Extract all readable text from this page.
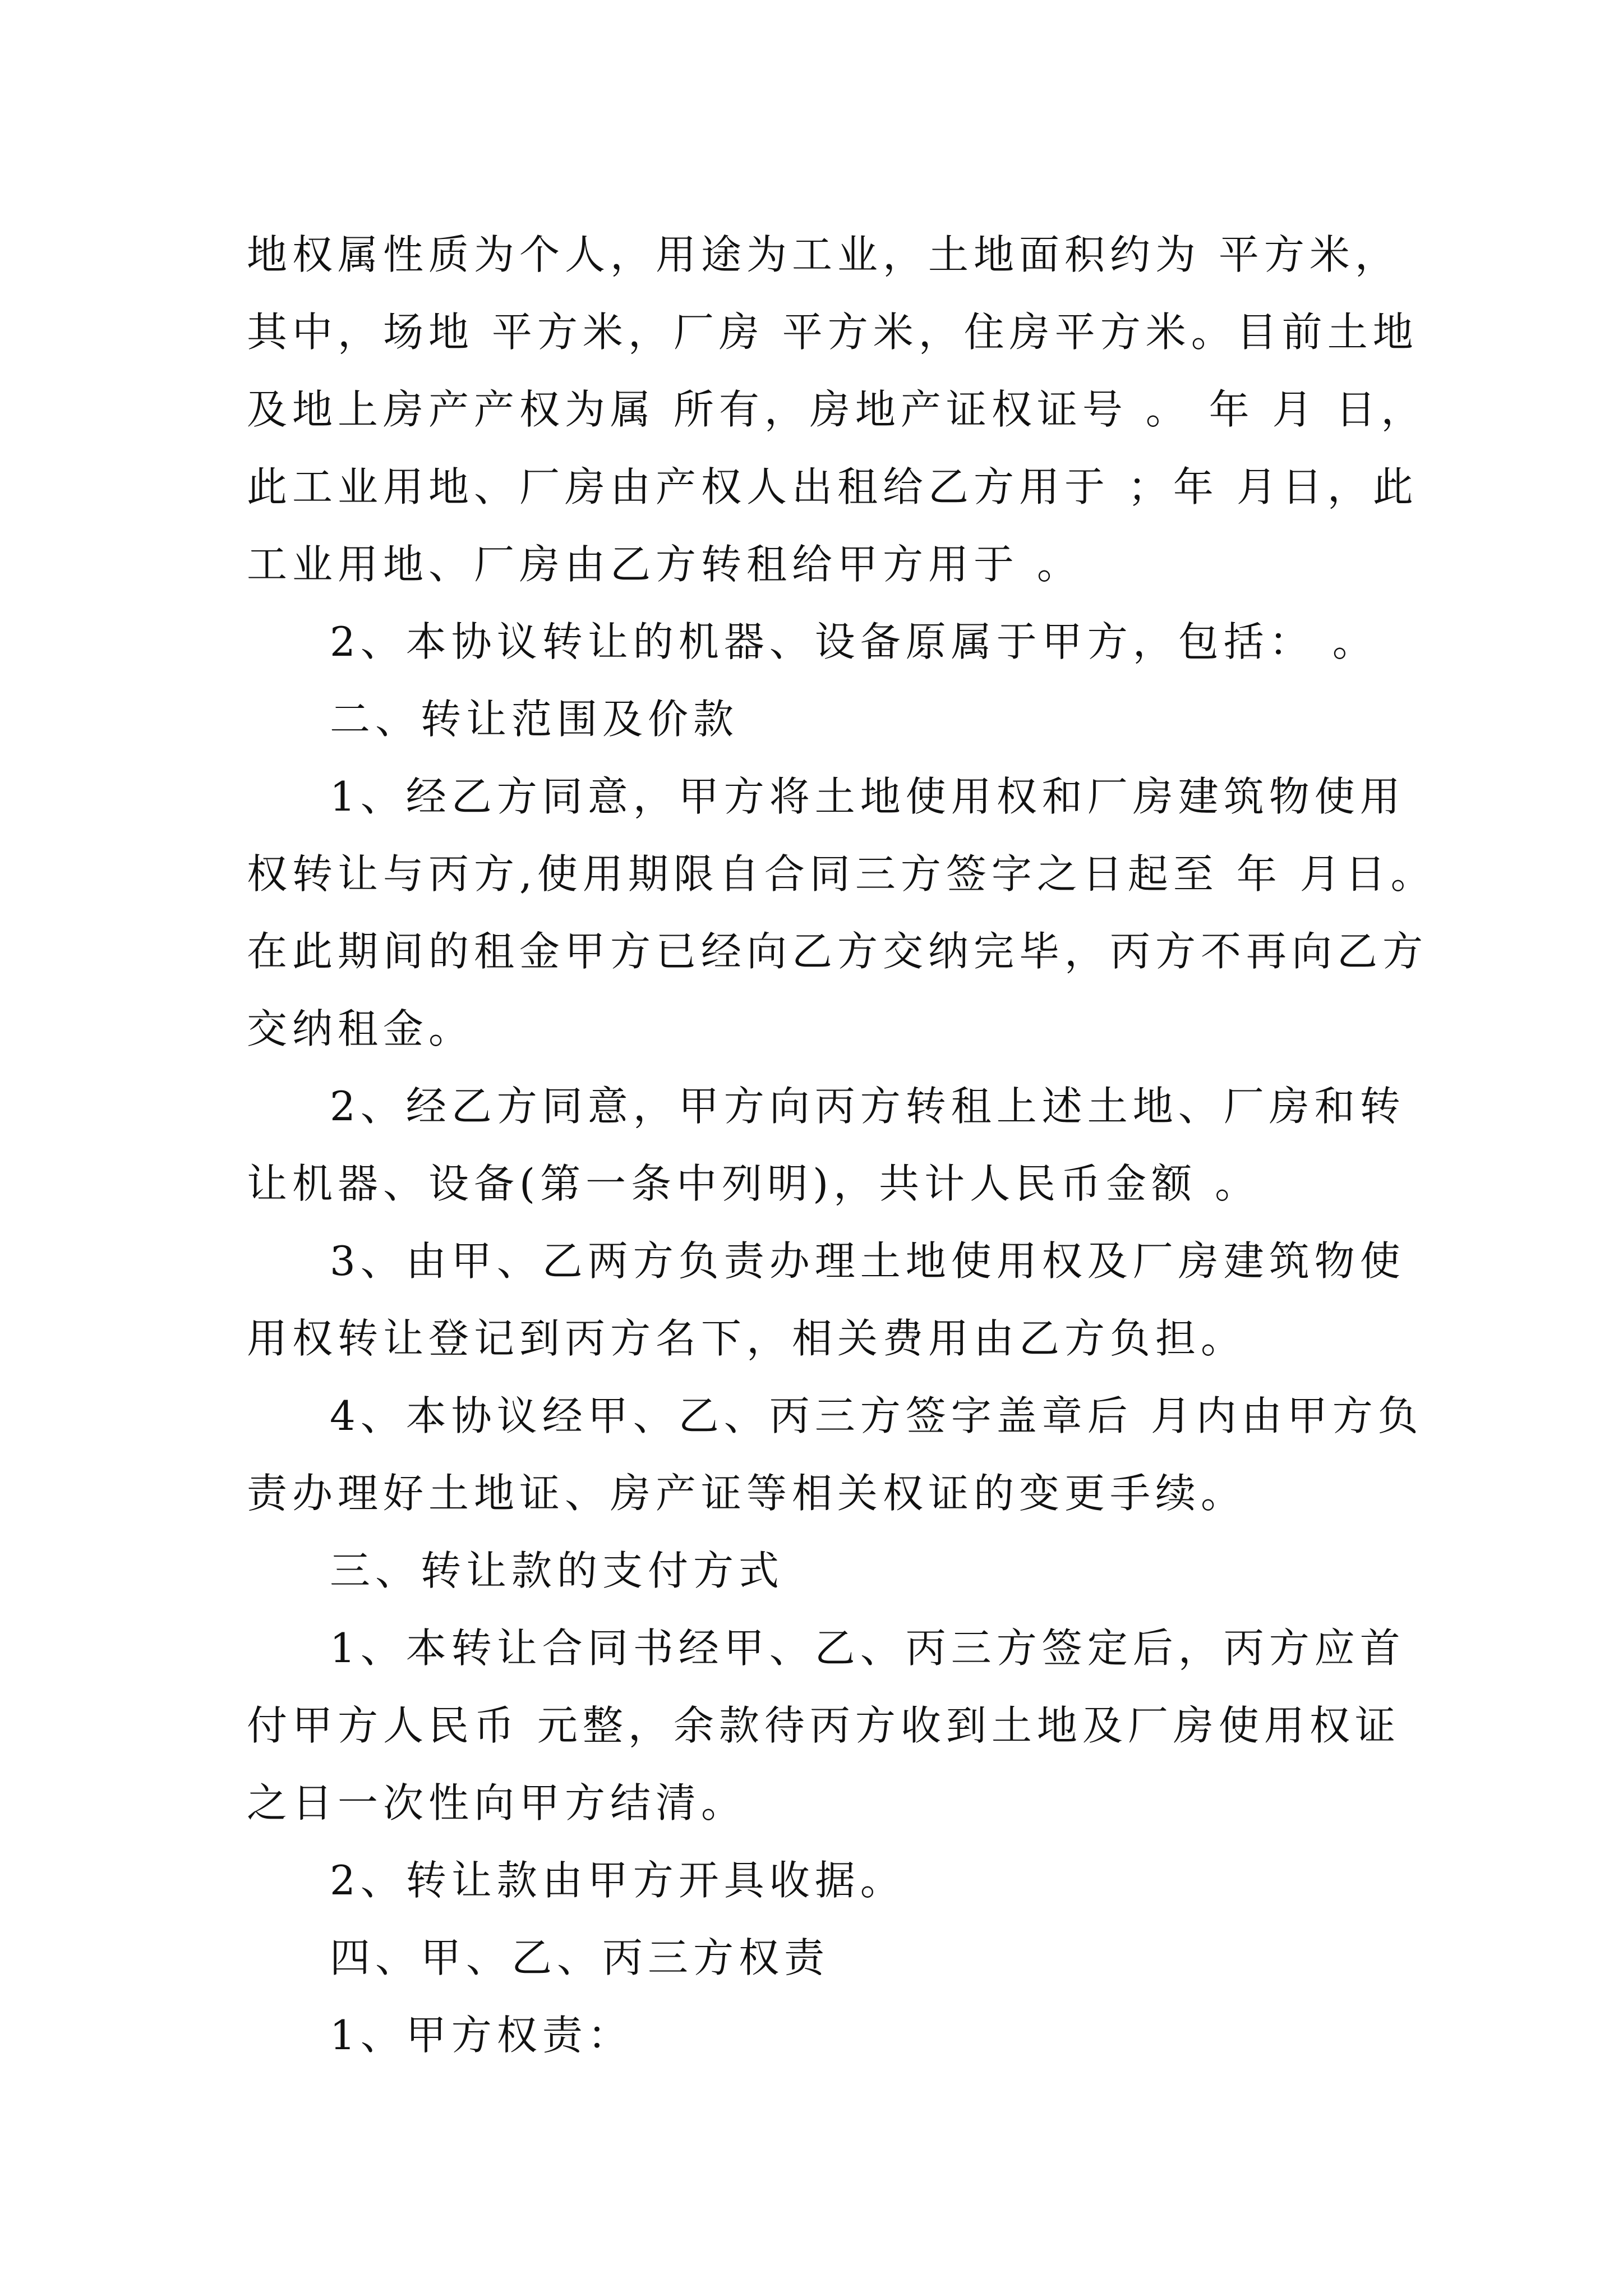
地权属性质为个人，用途为工业，土地面积约为 平方米，
其中，场地 平方米，厂房 平方米，住房平方米。目前土地
及地上房产产权为属 所有，房地产证权证号 。 年 月 日，
此工业用地、厂房由产权人出租给乙方用于 ；年 月日，此
工业用地、厂房由乙方转租给甲方用于 。
2、本协议转让的机器、设备原属于甲方，包括： 。
二、转让范围及价款
1、经乙方同意，甲方将土地使用权和厂房建筑物使用
权转让与丙方,使用期限自合同三方签字之日起至 年 月日。
在此期间的租金甲方已经向乙方交纳完毕，丙方不再向乙方
交纳租金。
2、经乙方同意，甲方向丙方转租上述土地、厂房和转
让机器、设备(第一条中列明)，共计人民币金额 。
3、由甲、乙两方负责办理土地使用权及厂房建筑物使
用权转让登记到丙方名下，相关费用由乙方负担。
4、本协议经甲、乙、丙三方签字盖章后 月内由甲方负
责办理好土地证、房产证等相关权证的变更手续。
三、转让款的支付方式
1、本转让合同书经甲、乙、丙三方签定后，丙方应首
付甲方人民币 元整，余款待丙方收到土地及厂房使用权证
之日一次性向甲方结清。
2、转让款由甲方开具收据。
四、甲、乙、丙三方权责
1、甲方权责：
